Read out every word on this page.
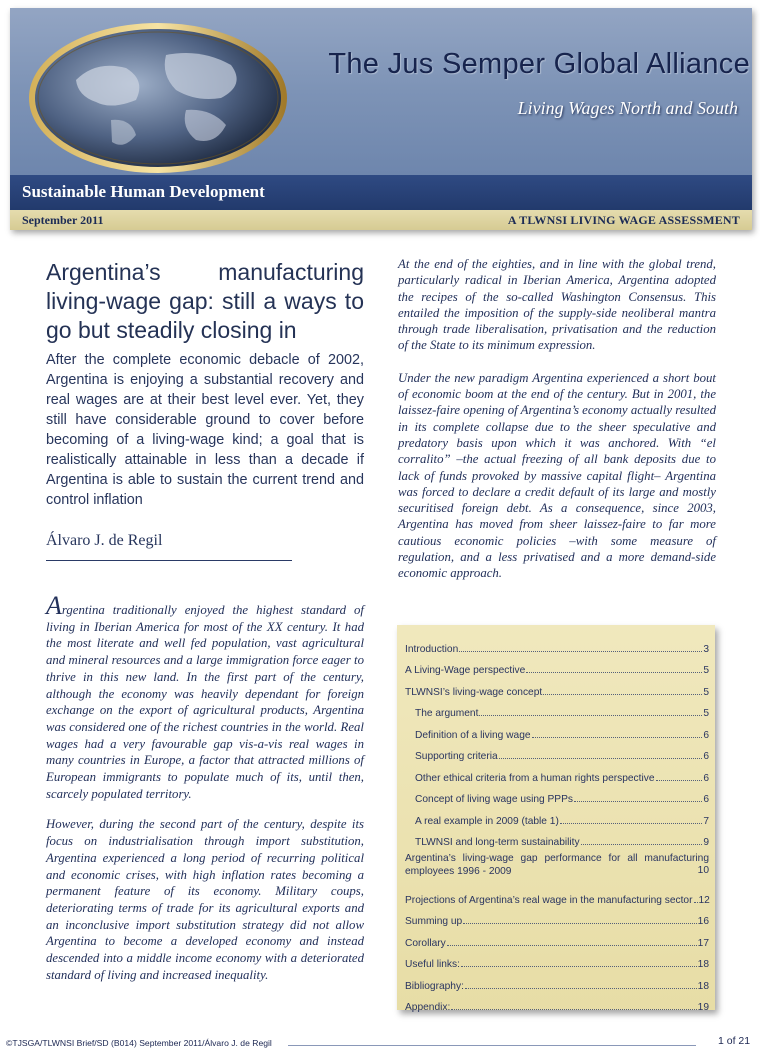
The Jus Semper Global Alliance
Living Wages North and South
Sustainable Human Development
September 2011	A TLWNSI LIVING WAGE ASSESSMENT
Argentina’s manufacturing living-wage gap: still a ways to go but steadily closing in

After the complete economic debacle of 2002, Argentina is enjoying a substantial recovery and real wages are at their best level ever. Yet, they still have considerable ground to cover before becoming of a living-wage kind; a goal that is realistically attainable in less than a decade if Argentina is able to sustain the current trend and control inflation

Álvaro J. de Regil

Argentina traditionally enjoyed the highest standard of living in Iberian America for most of the XX century. It had the most literate and well fed population, vast agricultural and mineral resources and a large immigration force eager to thrive in this new land. In the first part of the century, although the economy was heavily dependant for foreign exchange on the export of agricultural products, Argentina was considered one of the richest countries in the world. Real wages had a very favourable gap vis-a-vis real wages in many countries in Europe, a factor that attracted millions of European immigrants to populate much of its, until then, scarcely populated territory.

However, during the second part of the century, despite its focus on industrialisation through import substitution, Argentina experienced a long period of recurring political and economic crises, with high inflation rates becoming a permanent feature of its economy. Military coups, deteriorating terms of trade for its agricultural exports and an inconclusive import substitution strategy did not allow Argentina to become a developed economy and instead descended into a middle income economy with a deteriorated standard of living and increased inequality.

At the end of the eighties, and in line with the global trend, particularly radical in Iberian America, Argentina adopted the recipes of the so-called Washington Consensus. This entailed the imposition of the supply-side neoliberal mantra through trade liberalisation, privatisation and the reduction of the State to its minimum expression.

Under the new paradigm Argentina experienced a short bout of economic boom at the end of the century. But in 2001, the laissez-faire opening of Argentina’s economy actually resulted in its complete collapse due to the sheer speculative and predatory basis upon which it was anchored. With “el corralito” –the actual freezing of all bank deposits due to lack of funds provoked by massive capital flight– Argentina was forced to declare a credit default of its large and mostly securitised foreign debt. As a consequence, since 2003, Argentina has moved from sheer laissez-faire to far more cautious economic policies –with some measure of regulation, and a less privatised and a more demand-side economic approach.

Introduction	3
A Living-Wage perspective	5
TLWNSI’s living-wage concept	5
The argument	5
Definition of a living wage	6
Supporting criteria	6
Other ethical criteria from a human rights perspective	6
Concept of living wage using PPPs	6
A real example in 2009 (table 1)	7
TLWNSI and long-term sustainability	9
Argentina’s living-wage gap performance for all manufacturing employees 1996 - 2009	10
Projections of Argentina’s real wage in the manufacturing sector 12
Summing up	16
Corollary	17
Useful links:	18
Bibliography:	18
Appendix:	19
©TJSGA/TLWNSI Brief/SD (B014) September 2011/Álvaro J. de Regil	1 of 21
